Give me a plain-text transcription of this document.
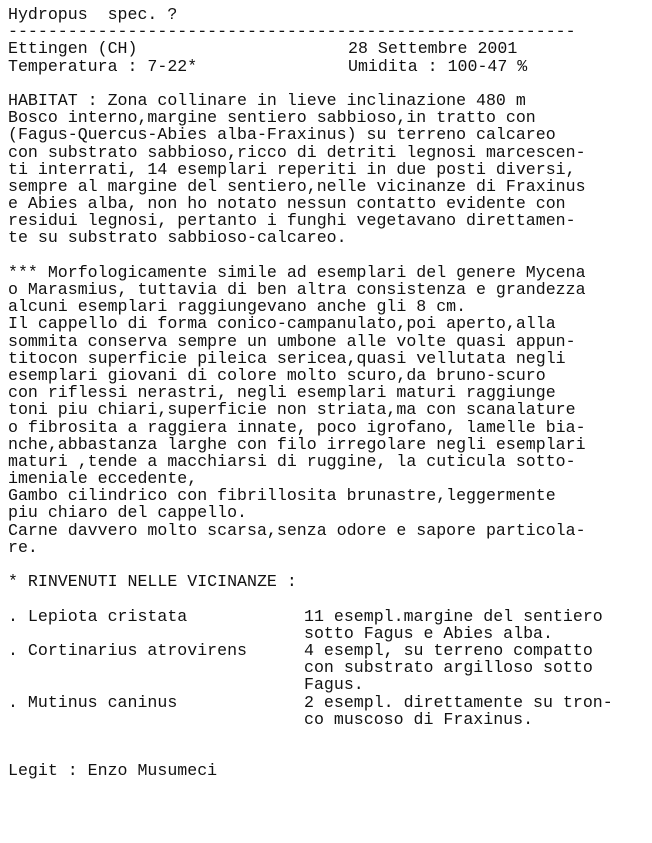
Hydropus  spec. ?
---------------------------------------------------------
Ettingen (CH)	28 Settembre 2001
Temperatura : 7-22*	Umidita : 100-47 %
HABITAT : Zona collinare in lieve inclinazione 480 m
Bosco interno,margine sentiero sabbioso,in tratto con
(Fagus-Quercus-Abies alba-Fraxinus) su terreno calcareo
con substrato sabbioso,ricco di detriti legnosi marcescen-
ti interrati, 14 esemplari reperiti in due posti diversi,
sempre al margine del sentiero,nelle vicinanze di Fraxinus
e Abies alba, non ho notato nessun contatto evidente con
residui legnosi, pertanto i funghi vegetavano direttamen-
te su substrato sabbioso-calcareo.
*** Morfologicamente simile ad esemplari del genere Mycena
o Marasmius, tuttavia di ben altra consistenza e grandezza
alcuni esemplari raggiungevano anche gli 8 cm.
Il cappello di forma conico-campanulato,poi aperto,alla
sommita conserva sempre un umbone alle volte quasi appun-
titocon superficie pileica sericea,quasi vellutata negli
esemplari giovani di colore molto scuro,da bruno-scuro
con riflessi nerastri, negli esemplari maturi raggiunge
toni piu chiari,superficie non striata,ma con scanalature
o fibrosita a raggiera innate, poco igrofano, lamelle bia-
nche,abbastanza larghe con filo irregolare negli esemplari
maturi ,tende a macchiarsi di ruggine, la cuticula sotto-
imeniale eccedente,
Gambo cilindrico con fibrillosita brunastre,leggermente
piu chiaro del cappello.
Carne davvero molto scarsa,senza odore e sapore particola-
re.
* RINVENUTI NELLE VICINANZE :
. Lepiota cristata	11 esempl.margine del sentiero
sotto Fagus e Abies alba.
. Cortinarius atrovirens	4 esempl, su terreno compatto
con substrato argilloso sotto
Fagus.
. Mutinus caninus	2 esempl. direttamente su tron-
co muscoso di Fraxinus.
Legit : Enzo Musumeci
